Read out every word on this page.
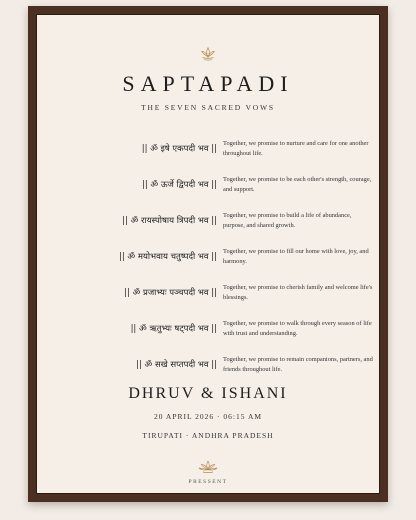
SAPTAPADI
THE SEVEN SACRED VOWS
|| ॐ इषे एकपदी भव ||
Together, we promise to nurture and care for one another throughout life.
|| ॐ ऊर्जे द्विपदी भव ||
Together, we promise to be each other's strength, courage, and support.
|| ॐ रायस्पोषाय त्रिपदी भव ||
Together, we promise to build a life of abundance, purpose, and shared growth.
|| ॐ मयोभवाय चतुष्पदी भव ||
Together, we promise to fill our home with love, joy, and harmony.
|| ॐ प्रजाभ्यः पञ्चपदी भव ||
Together, we promise to cherish family and welcome life's blessings.
|| ॐ ऋतुभ्यः षट्पदी भव ||
Together, we promise to walk through every season of life with trust and understanding.
|| ॐ सखे सप्तपदी भव ||
Together, we promise to remain companions, partners, and friends throughout life.
DHRUV & ISHANI
20 APRIL 2026 · 06:15 AM
TIRUPATI · ANDHRA PRADESH
PRESSENT
